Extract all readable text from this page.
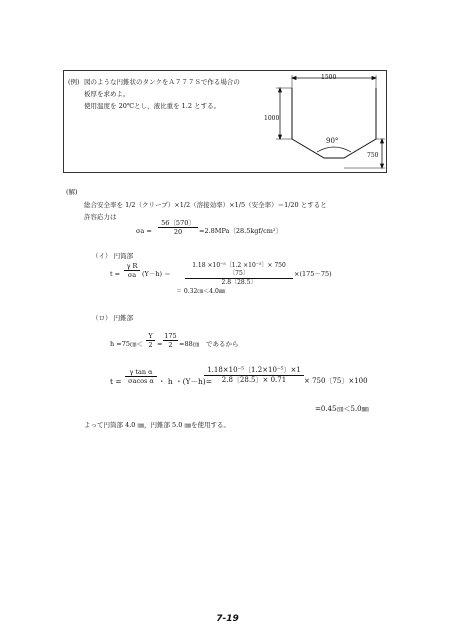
(例) 図のような円錐状のタンクをＡ７７７Ｓで作る場合の
板厚を求めよ。
使用温度を 20℃とし，液比重を 1.2 とする。
1500
1000
90°
750
(解)
総合安全率を 1/2（クリープ）×1/2（溶接効率）×1/5（安全率）＝1/20 とすると
許容応力は
$\sigma a = \frac{56〔570〕}{20} =2.8MPa$〔28.5kgf/cm²〕
（イ） 円筒部
$t = \frac{\text{γ R}}{\sigma a} (Y-h) = \frac{\text{1.18 ×10⁻⁵〔1.2 ×10⁻⁵〕× 750〔75〕}}{2.8〔28.5〕} \times(175-75)$
＝ 0.32㎝＜4.0㎜
（ロ） 円錐部
h =75㎝＜ $\frac{Y}{2} = \frac{175}{2}$ =88㎝ であるから
$t = \frac{\text{γ tan α}}{\text{σacos α}}$ ・ h ・(Y－h)=
$\frac{\text{1.18×10⁻⁵〔1.2×10⁻⁵〕×1}}{2.8〔28.5〕\times 0.71} \times 750$〔75〕×100
=0.45㎝＜5.0㎜
よって円筒部 4.0 ㎜，円錐部 5.0 ㎜を使用する。
7-19
